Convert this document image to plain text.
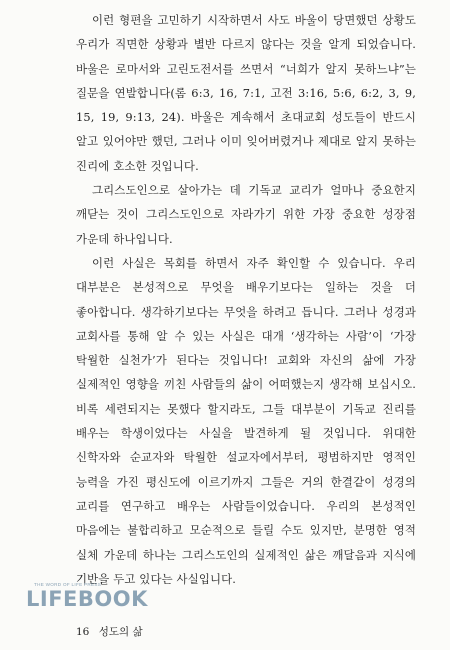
이런 형편을 고민하기 시작하면서 사도 바울이 당면했던 상황도 우리가 직면한 상황과 별반 다르지 않다는 것을 알게 되었습니다. 바울은 로마서와 고린도전서를 쓰면서 “너희가 알지 못하느냐”는 질문을 연발합니다(롬 6:3, 16, 7:1, 고전 3:16, 5:6, 6:2, 3, 9, 15, 19, 9:13, 24). 바울은 계속해서 초대교회 성도들이 반드시 알고 있어야만 했던, 그러나 이미 잊어버렸거나 제대로 알지 못하는 진리에 호소한 것입니다.

그리스도인으로 살아가는 데 기독교 교리가 얼마나 중요한지 깨닫는 것이 그리스도인으로 자라가기 위한 가장 중요한 성장점 가운데 하나입니다.

이런 사실은 목회를 하면서 자주 확인할 수 있습니다. 우리 대부분은 본성적으로 무엇을 배우기보다는 일하는 것을 더 좋아합니다. 생각하기보다는 무엇을 하려고 듭니다. 그러나 성경과 교회사를 통해 알 수 있는 사실은 대개 ‘생각하는 사람’이 ‘가장 탁월한 실천가’가 된다는 것입니다! 교회와 자신의 삶에 가장 실제적인 영향을 끼친 사람들의 삶이 어떠했는지 생각해 보십시오. 비록 세련되지는 못했다 할지라도, 그들 대부분이 기독교 진리를 배우는 학생이었다는 사실을 발견하게 될 것입니다. 위대한 신학자와 순교자와 탁월한 설교자에서부터, 평범하지만 영적인 능력을 가진 평신도에 이르기까지 그들은 거의 한결같이 성경의 교리를 연구하고 배우는 사람들이었습니다. 우리의 본성적인 마음에는 불합리하고 모순적으로 들릴 수도 있지만, 분명한 영적 실체 가운데 하나는 그리스도인의 실제적인 삶은 깨달음과 지식에 기반을 두고 있다는 사실입니다.

THE WORD OF LIFE PRESS
LIFEBOOK
16 성도의 삶
